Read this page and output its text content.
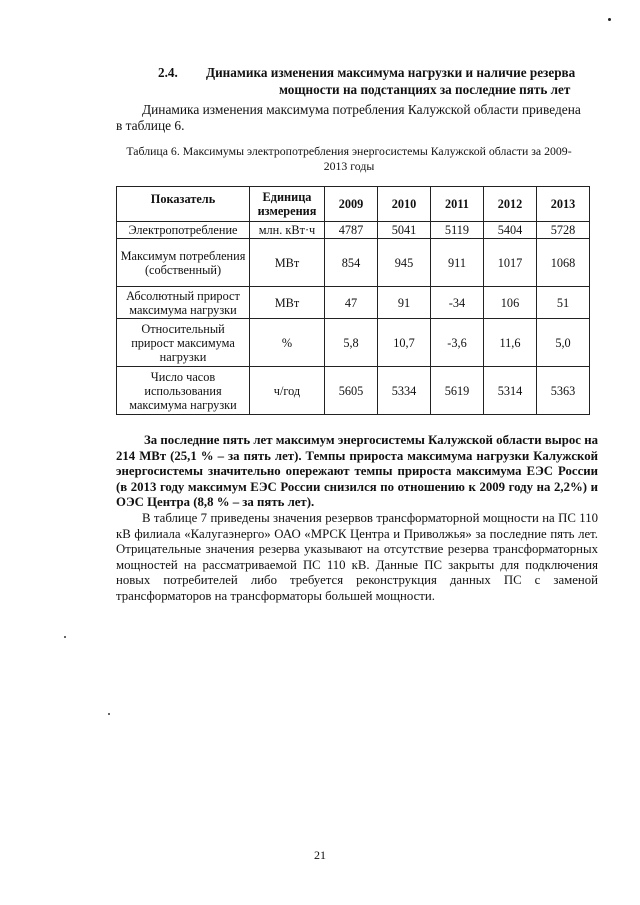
2.4. Динамика изменения максимума нагрузки и наличие резерва
мощности на подстанциях за последние пять лет
Динамика изменения максимума потребления Калужской области приведена
в таблице 6.
Таблица 6. Максимумы электропотребления энергосистемы Калужской области за 2009-
2013 годы
Показатель	Единица измерения	2009	2010	2011	2012	2013
Электропотребление	млн. кВт·ч	4787	5041	5119	5404	5728
Максимум потребления (собственный)	МВт	854	945	911	1017	1068
Абсолютный прирост максимума нагрузки	МВт	47	91	-34	106	51
Относительный прирост максимума нагрузки	%	5,8	10,7	-3,6	11,6	5,0
Число часов использования максимума нагрузки	ч/год	5605	5334	5619	5314	5363

За последние пять лет максимум энергосистемы Калужской области вырос на 214 МВт (25,1 % – за пять лет). Темпы прироста максимума нагрузки Калужской энергосистемы значительно опережают темпы прироста максимума ЕЭС России (в 2013 году максимум ЕЭС России снизился по отношению к 2009 году на 2,2%) и ОЭС Центра (8,8 % – за пять лет).

В таблице 7 приведены значения резервов трансформаторной мощности на ПС 110 кВ филиала «Калугаэнерго» ОАО «МРСК Центра и Приволжья» за последние пять лет. Отрицательные значения резерва указывают на отсутствие резерва трансформаторных мощностей на рассматриваемой ПС 110 кВ. Данные ПС закрыты для подключения новых потребителей либо требуется реконструкция данных ПС с заменой трансформаторов на трансформаторы большей мощности.

21
